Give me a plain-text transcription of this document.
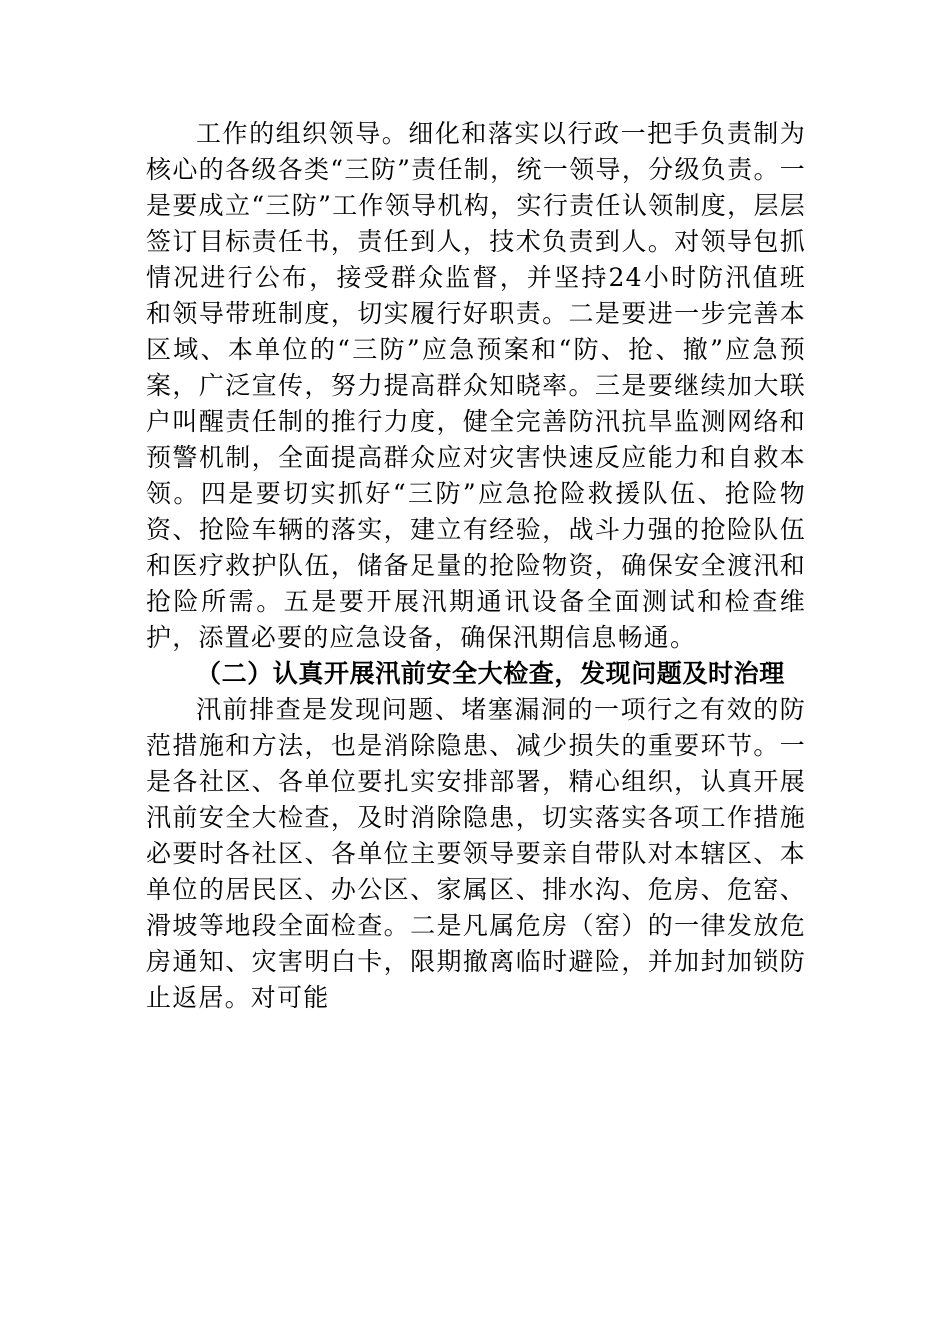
工作的组织领导。细化和落实以行政一把手负责制为核心的各级各类“三防”责任制，统一领导，分级负责。一是要成立“三防”工作领导机构，实行责任认领制度，层层签订目标责任书，责任到人，技术负责到人。对领导包抓情况进行公布，接受群众监督，并坚持24小时防汛值班和领导带班制度，切实履行好职责。二是要进一步完善本区域、本单位的“三防”应急预案和“防、抢、撤”应急预案，广泛宣传，努力提高群众知晓率。三是要继续加大联户叫醒责任制的推行力度，健全完善防汛抗旱监测网络和预警机制，全面提高群众应对灾害快速反应能力和自救本领。四是要切实抓好“三防”应急抢险救援队伍、抢险物资、抢险车辆的落实，建立有经验，战斗力强的抢险队伍和医疗救护队伍，储备足量的抢险物资，确保安全渡汛和抢险所需。五是要开展汛期通讯设备全面测试和检查维护，添置必要的应急设备，确保汛期信息畅通。

（二）认真开展汛前安全大检查，发现问题及时治理

汛前排查是发现问题、堵塞漏洞的一项行之有效的防范措施和方法，也是消除隐患、减少损失的重要环节。一是各社区、各单位要扎实安排部署，精心组织，认真开展汛前安全大检查，及时消除隐患，切实落实各项工作措施必要时各社区、各单位主要领导要亲自带队对本辖区、本单位的居民区、办公区、家属区、排水沟、危房、危窑、滑坡等地段全面检查。二是凡属危房（窑）的一律发放危房通知、灾害明白卡，限期撤离临时避险，并加封加锁防止返居。对可能
